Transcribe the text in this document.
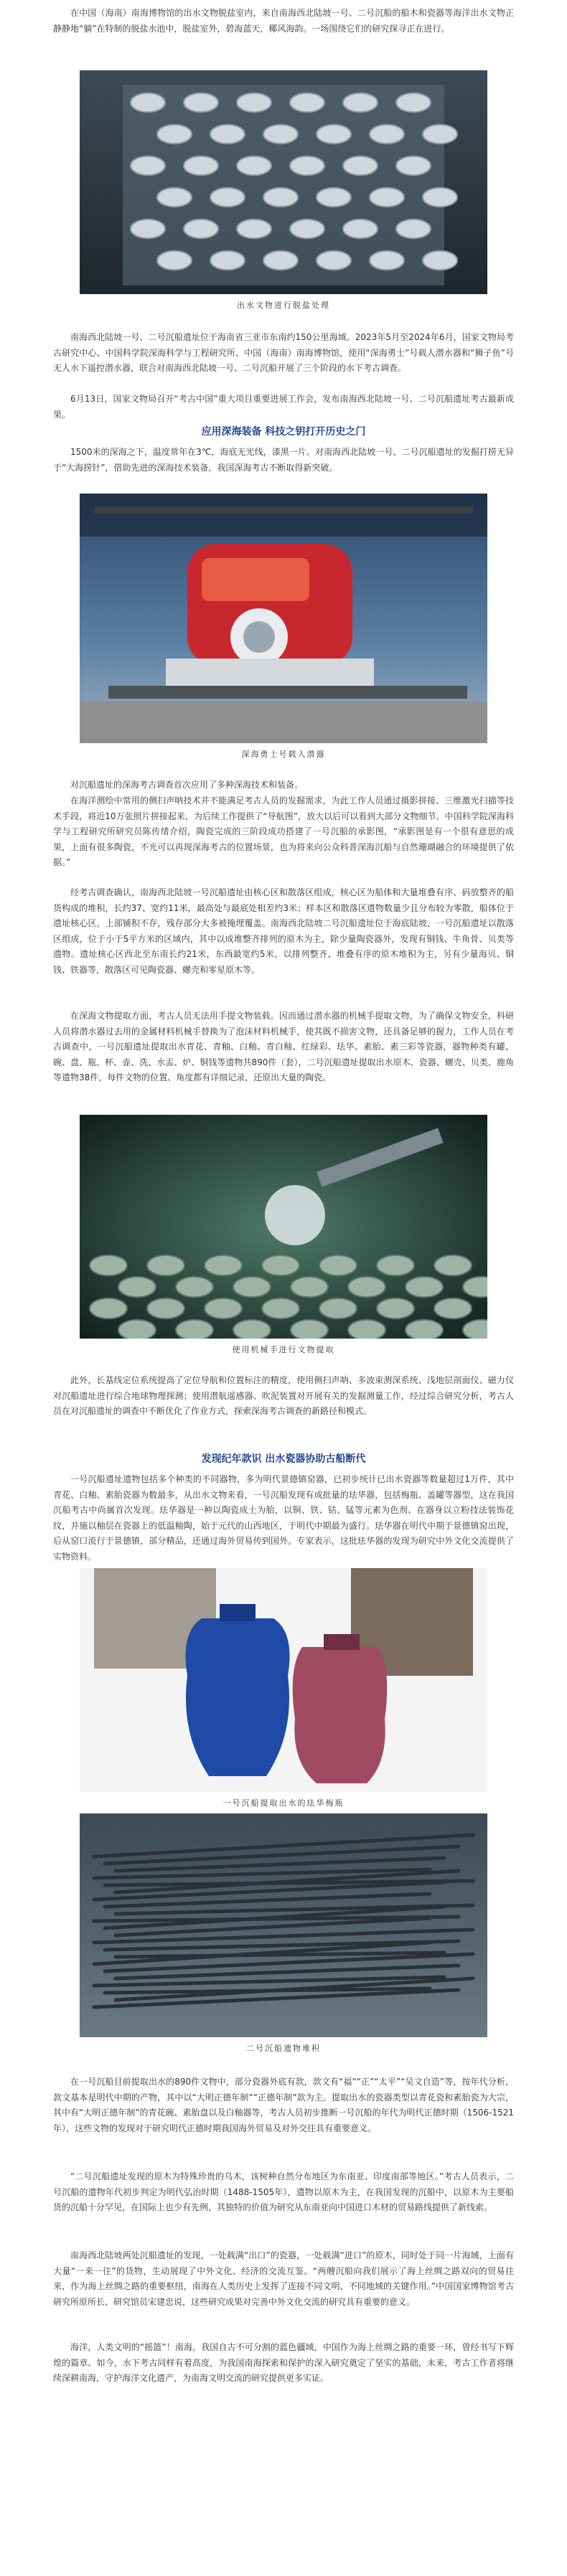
在中国（海南）南海博物馆的出水文物脱盐室内，来自南海西北陆坡一号、二号沉船的船木和瓷器等海洋出水文物正静静地“躺”在特制的脱盐水池中，脱盐室外，碧海蓝天，椰风海韵。一场围绕它们的研究探寻正在进行。

出水文物进行脱盐处理

南海西北陆坡一号、二号沉船遗址位于海南省三亚市东南约150公里海域。2023年5月至2024年6月，国家文物局考古研究中心、中国科学院深海科学与工程研究所、中国（海南）南海博物馆，使用“深海勇士”号载人潜水器和“狮子鱼”号无人水下遥控潜水器，联合对南海西北陆坡一号、二号沉船开展了三个阶段的水下考古调查。

6月13日，国家文物局召开“考古中国”重大项目重要进展工作会，发布南海西北陆坡一号、二号沉船遗址考古最新成果。

应用深海装备 科技之钥打开历史之门

1500米的深海之下，温度常年在3℃，海底无光线，漆黑一片。对南海西北陆坡一号、二号沉船遗址的发掘打捞无异于“大海捞针”，借助先进的深海技术装备，我国深海考古不断取得新突破。

深海勇士号载人潜器

对沉船遗址的深海考古调查首次应用了多种深海技术和装备。

在海洋测绘中常用的侧扫声呐技术并不能满足考古人员的发掘需求，为此工作人员通过摄影拼接、三维激光扫描等技术手段，将近10万张照片拼接起来，为后续工作提供了“导航图”，放大以后可以看到大部分文物细节。中国科学院深海科学与工程研究所研究员陈传绪介绍，陶瓷完成的三阶段成功搭建了一号沉船的承影图，“承影图是有一个很有意思的成果，上面有很多陶瓷，不光可以再现深海考古的位置场景，也为将来向公众科普深海沉船与自然珊瑚融合的环境提供了依据。”

经考古调查确认，南海西北陆坡一号沉船遗址由核心区和散落区组成，核心区为船体和大量堆叠有序、码放整齐的船货构成的堆积，长约37、宽约11米，最高处与最底处相差约3米；样本区和散落区遗物数量少且分布较为零散，船体位于遗址核心区，上部铺积不存，残存部分大多被掩埋覆盖。南海西北陆坡二号沉船遗址位于海底陆坡，一号沉船遗址以散落区组成，位于小于5平方米的区域内，其中以成堆整齐排列的原木为主，除少量陶瓷器外，发现有铜钱、牛角骨、贝类等遗物。遗址核心区西北至东南长约21米，东西最宽约5米，以排列整齐、堆叠有序的原木堆积为主，另有少量海贝、铜钱、铁器等，散落区可见陶瓷器、螺壳和零星原木等。

在深海文物提取方面，考古人员无法用手提文物装载。因而通过潜水器的机械手提取文物，为了确保文物安全，科研人员将潜水器过去用的金属材料机械手替换为了泡沫材料机械手，使其既不损害文物，还具备足够的握力，工作人员在考古调查中，一号沉船遗址提取出水青花、青釉、白釉、青白釉、红绿彩、珐华、素胎、素三彩等瓷器，器物种类有罐、碗、盘、瓶、杯、壶、洗、水盂、炉、铜钱等遗物共890件（套），二号沉船遗址提取出水原木、瓷器、螺壳、贝类、鹿角等遗物38件，每件文物的位置、角度都有详细记录，还原出大量的陶瓷。

使用机械手进行文物提取

此外，长基线定位系统提高了定位导航和位置标注的精度，使用侧扫声呐、多波束测深系统、浅地层剖面仪、磁力仪对沉船遗址进行综合地球物理探测；使用潜航遥感器、吹泥装置对开展有关的发掘测量工作，经过综合研究分析，考古人员在对沉船遗址的调查中不断优化了作业方式，探索深海考古调查的新路径和模式。

发现纪年款识 出水瓷器协助古船断代

一号沉船遗址遗物包括多个种类的不同器物，多为明代景德镇窑器，已初步统计已出水瓷器等数量超过1万件，其中青花、白釉、素胎瓷器为数最多，从出水文物来看，一号沉船发现有成批量的珐华器，包括梅瓶、盖罐等器型，这在我国沉船考古中尚属首次发现。珐华器是一种以陶瓷成土为胎，以铜、铁、钴、锰等元素为色剂、在器身以立粉技法装饰花纹，并施以釉层在瓷器上的低温釉陶，始于元代的山西地区，于明代中期最为盛行。珐华器在明代中期于景德镇窑出现，后从窑口流行于景德镇，部分精品，还通过海外贸易传到国外。专家表示，这批珐华器的发现为研究中外文化交流提供了实物资料。

一号沉船提取出水的珐华梅瓶

二号沉船遗物堆积

在一号沉船目前提取出水的890件文物中，部分瓷器外底有款，款文有“福”“正”“太平”“吴文自造”等，按年代分析，款文基本是明代中期的产物，其中以“大明正德年制”“正德年制”款为主。提取出水的瓷器类型以青花瓷和素胎瓷为大宗，其中有“大明正德年制”的青花碗、素胎盘以及白釉器等，考古人员初步推断一号沉船的年代为明代正德时期（1506-1521年），这些文物的发现对于研究明代正德时期我国海外贸易及对外交往具有重要意义。

“二号沉船遗址发现的原木为特殊珍贵的乌木，该树种自然分布地区为东南亚、印度南部等地区。”考古人员表示，二号沉船的遗物年代初步判定为明代弘治时期（1488-1505年），遗物以原木为主，在我国发现的沉船中，以原木为主要船货的沉船十分罕见，在国际上也少有先例，其独特的价值为研究从东南亚向中国进口木材的贸易路线提供了新线索。

南海西北陆坡两处沉船遗址的发现，一处载满“出口”的瓷器，一处载满“进口”的原木，同时处于同一片海域，上面有大量“一来一往”的货物，生动展现了中外文化、经济的交流互鉴。“两艘沉船向我们展示了海上丝绸之路双向的贸易往来，作为海上丝绸之路的重要枢纽，南海在人类历史上发挥了连接不同文明、不同地域的关键作用。”中国国家博物馆考古研究所原所长、研究馆员宋建忠说，这些研究成果对完善中外文化交流的研究具有重要的意义。

海洋，人类文明的“摇篮”！南海，我国自古不可分割的蓝色疆域，中国作为海上丝绸之路的重要一环，曾经书写下辉煌的篇章。如今，水下考古同样有着高度，为我国南海探索和保护的深入研究奠定了坚实的基础，未来，考古工作者将继续深耕南海，守护海洋文化遗产，为南海文明交流的研究提供更多实证。
